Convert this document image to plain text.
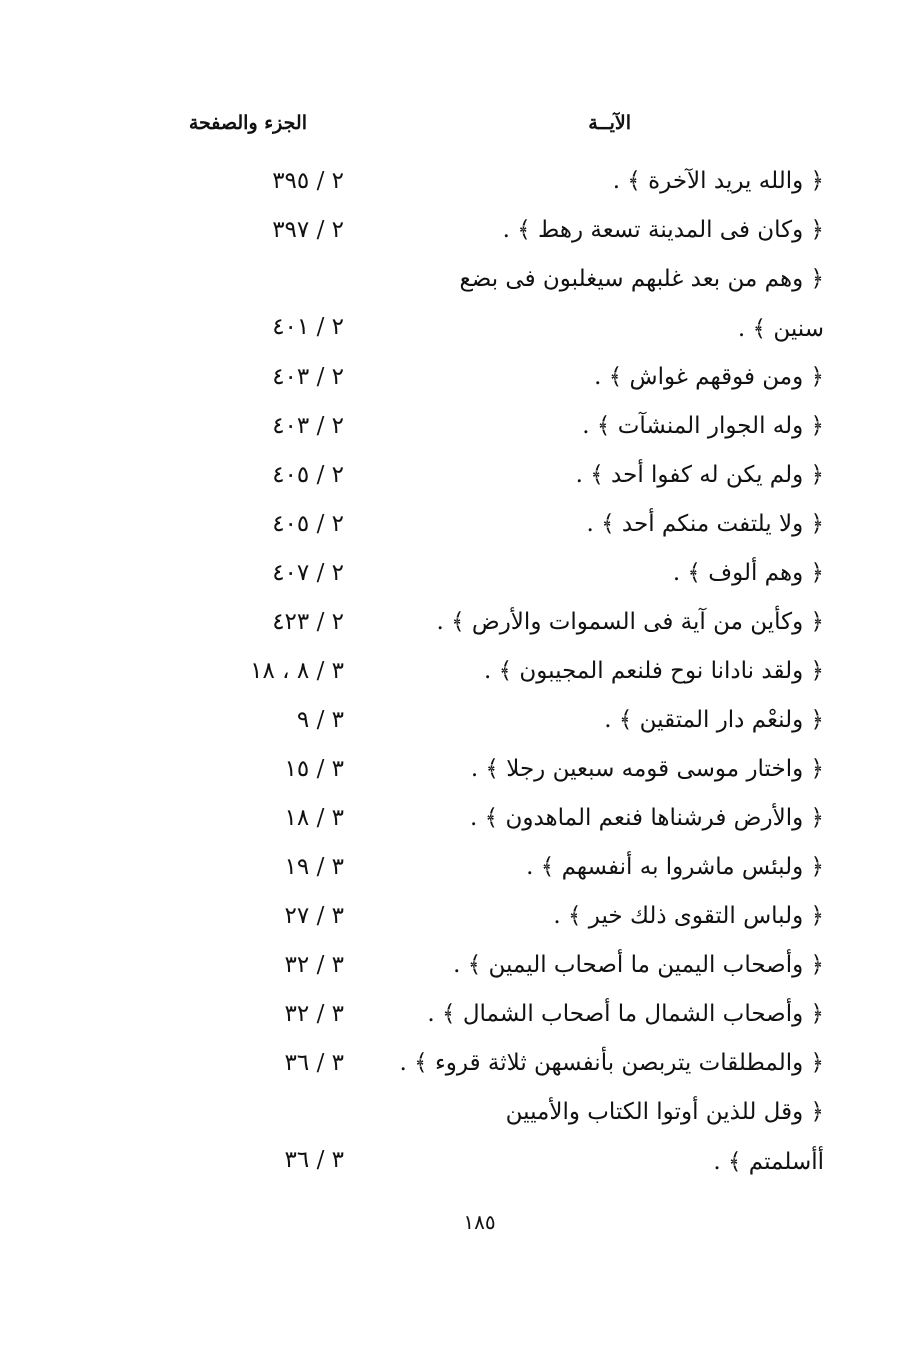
الآيــة
الجزء والصفحة
﴿ والله يريد الآخرة ﴾ .
٢ / ٣٩٥
﴿ وكان فى المدينة تسعة رهط ﴾ .
٢ / ٣٩٧
﴿ وهم من بعد غلبهم سيغلبون فى بضع
سنين ﴾ .
٢ / ٤٠١
﴿ ومن فوقهم غواش ﴾ .
٢ / ٤٠٣
﴿ وله الجوار المنشآت ﴾ .
٢ / ٤٠٣
﴿ ولم يكن له كفوا أحد ﴾ .
٢ / ٤٠٥
﴿ ولا يلتفت منكم أحد ﴾ .
٢ / ٤٠٥
﴿ وهم ألوف ﴾ .
٢ / ٤٠٧
﴿ وكأين من آية فى السموات والأرض ﴾ .
٢ / ٤٢٣
﴿ ولقد نادانا نوح فلنعم المجيبون ﴾ .
٣ / ٨ ، ١٨
﴿ ولنعْم دار المتقين ﴾ .
٣ / ٩
﴿ واختار موسى قومه سبعين رجلا ﴾ .
٣ / ١٥
﴿ والأرض فرشناها فنعم الماهدون ﴾ .
٣ / ١٨
﴿ ولبئس ماشروا به أنفسهم ﴾ .
٣ / ١٩
﴿ ولباس التقوى ذلك خير ﴾ .
٣ / ٢٧
﴿ وأصحاب اليمين ما أصحاب اليمين ﴾ .
٣ / ٣٢
﴿ وأصحاب الشمال ما أصحاب الشمال ﴾ .
٣ / ٣٢
﴿ والمطلقات يتربصن بأنفسهن ثلاثة قروء ﴾ .
٣ / ٣٦
﴿ وقل للذين أوتوا الكتاب والأميين
أأسلمتم ﴾ .
٣ / ٣٦
١٨٥
